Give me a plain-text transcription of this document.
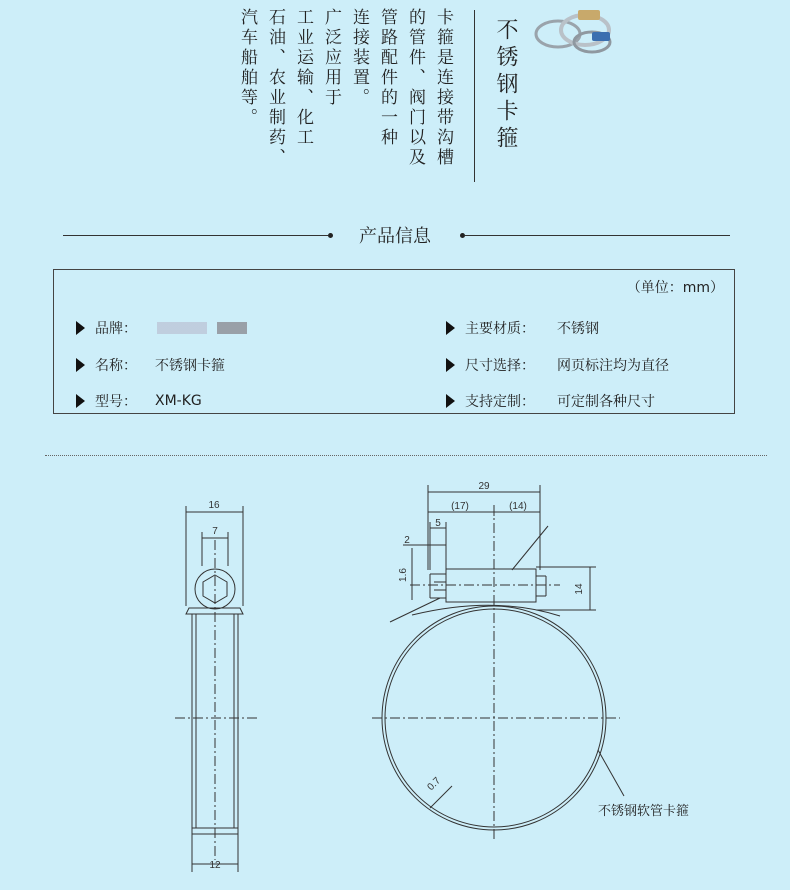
卡箍是连接带沟槽
的管件、阀门以及
管路配件的一种
连接装置。
广泛应用于
工业运输、化工
石油、农业制药、
汽车船舶等。	不锈钢卡箍
产品信息
（单位：mm）
品牌：	主要材质：	不锈钢
名称：	不锈钢卡箍	尺寸选择：	网页标注均为直径
型号：	XM-KG	支持定制：	可定制各种尺寸
16
7
12
29
(17)	(14)
5
2
1.6
14
0.7
不锈钢软管卡箍
